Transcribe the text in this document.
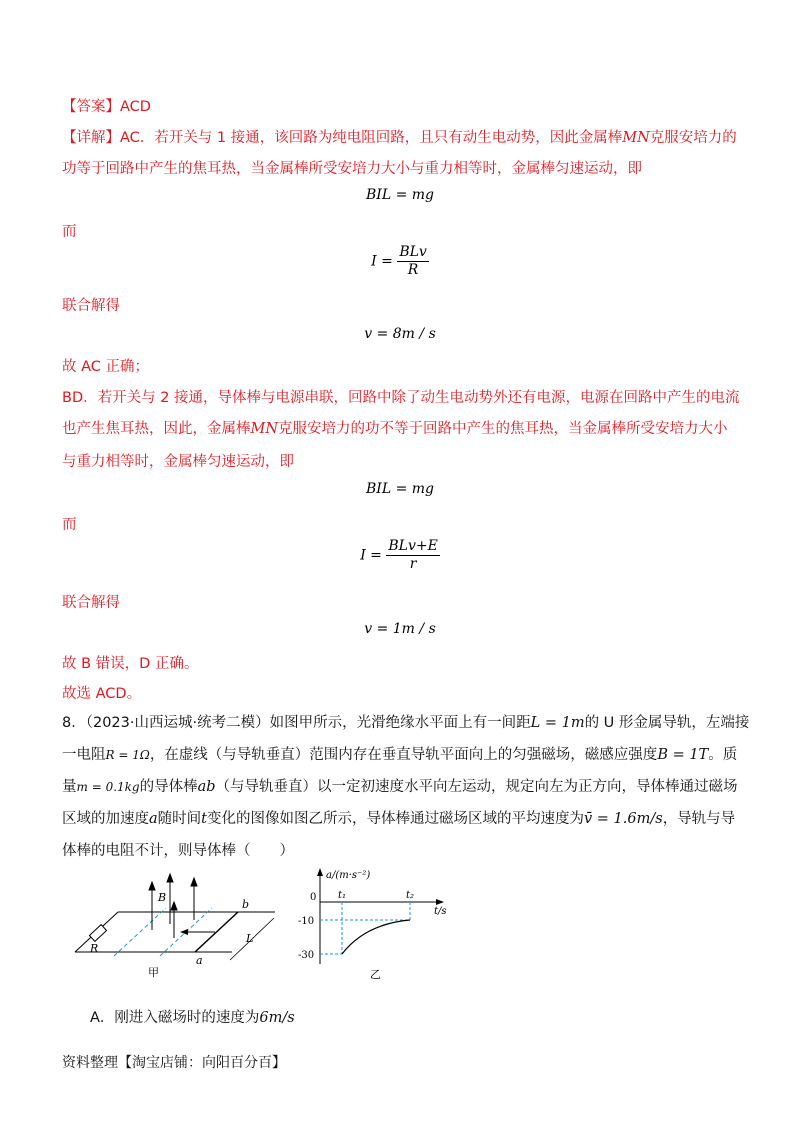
【答案】ACD
【详解】AC．若开关与 1 接通，该回路为纯电阻回路，且只有动生电动势，因此金属棒MN克服安培力的
功等于回路中产生的焦耳热，当金属棒所受安培力大小与重力相等时，金属棒匀速运动，即
BIL = mg
而
$I = \frac{\text{BLv}}{R}$
联合解得
v = 8m / s
故 AC 正确；
BD．若开关与 2 接通，导体棒与电源串联，回路中除了动生电动势外还有电源，电源在回路中产生的电流
也产生焦耳热，因此，金属棒MN克服安培力的功不等于回路中产生的焦耳热，当金属棒所受安培力大小
与重力相等时，金属棒匀速运动，即
BIL = mg
而
$I = \frac{\text{BLv+E}}{r}$
联合解得
v = 1m / s
故 B 错误，D 正确。
故选 ACD。
8．（2023·山西运城·统考二模）如图甲所示，光滑绝缘水平面上有一间距L = 1m的 U 形金属导轨，左端接
一电阻R = 1Ω，在虚线（与导轨垂直）范围内存在垂直导轨平面向上的匀强磁场，磁感应强度B = 1T。质
量m = 0.1kg的导体棒ab（与导轨垂直）以一定初速度水平向左运动，规定向左为正方向，导体棒通过磁场
区域的加速度a随时间t变化的图像如图乙所示，导体棒通过磁场区域的平均速度为v̄ = 1.6m/s，导轨与导
体棒的电阻不计，则导体棒（　　）
B
b
L
R
a
甲
a/(m·s⁻²)
t/s
0 t₁	t₂
-10
-30
乙
A．刚进入磁场时的速度为6m/s
资料整理【淘宝店铺：向阳百分百】
